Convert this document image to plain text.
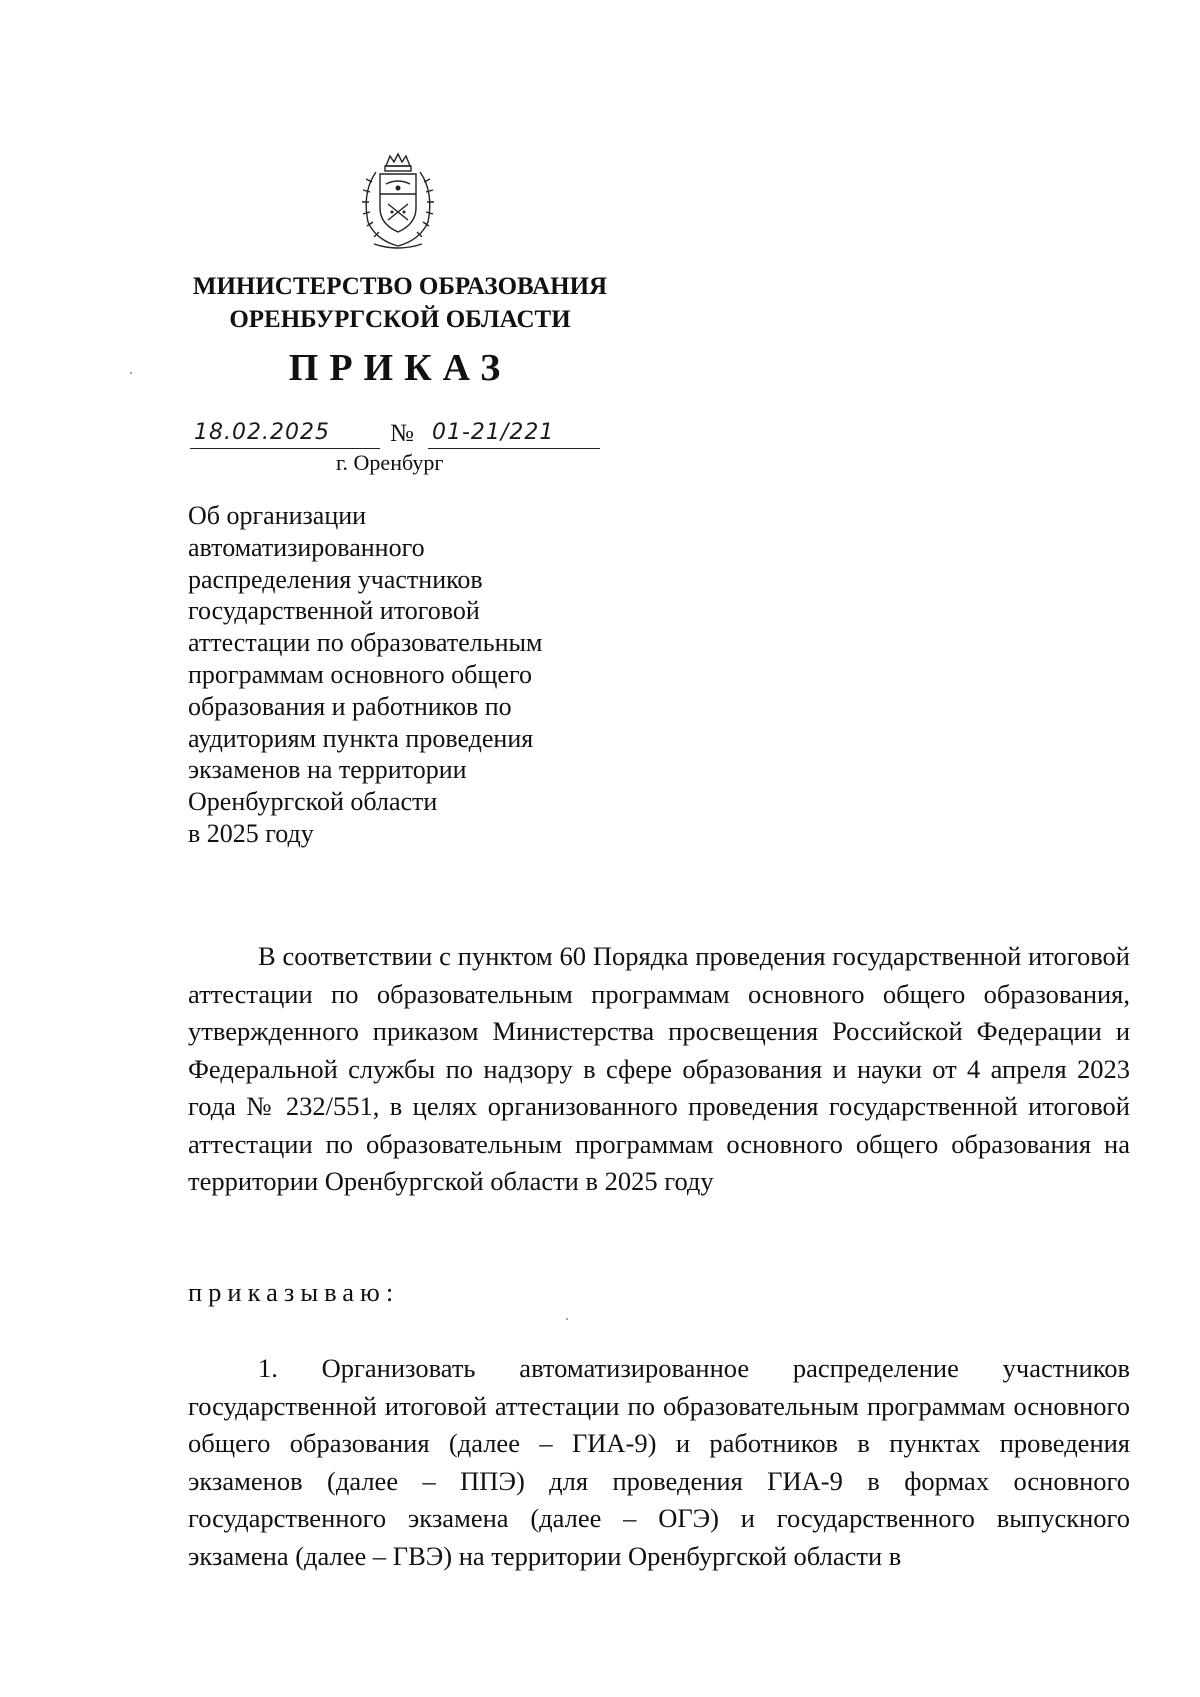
МИНИСТЕРСТВО ОБРАЗОВАНИЯ
ОРЕНБУРГСКОЙ ОБЛАСТИ
ПРИКАЗ
18.02.2025 № 01-21/221
г. Оренбург
Об организации
автоматизированного
распределения участников
государственной итоговой
аттестации по образовательным
программам основного общего
образования и работников по
аудиториям пункта проведения
экзаменов на территории
Оренбургской области
в 2025 году
В соответствии с пунктом 60 Порядка проведения государственной итоговой аттестации по образовательным программам основного общего образования, утвержденного приказом Министерства просвещения Российской Федерации и Федеральной службы по надзору в сфере образования и науки от 4 апреля 2023 года № 232/551, в целях организованного проведения государственной итоговой аттестации по образовательным программам основного общего образования на территории Оренбургской области в 2025 году
приказываю:
1. Организовать автоматизированное распределение участников государственной итоговой аттестации по образовательным программам основного общего образования (далее – ГИА-9) и работников в пунктах проведения экзаменов (далее – ППЭ) для проведения ГИА-9 в формах основного государственного экзамена (далее – ОГЭ) и государственного выпускного экзамена (далее – ГВЭ) на территории Оренбургской области в
